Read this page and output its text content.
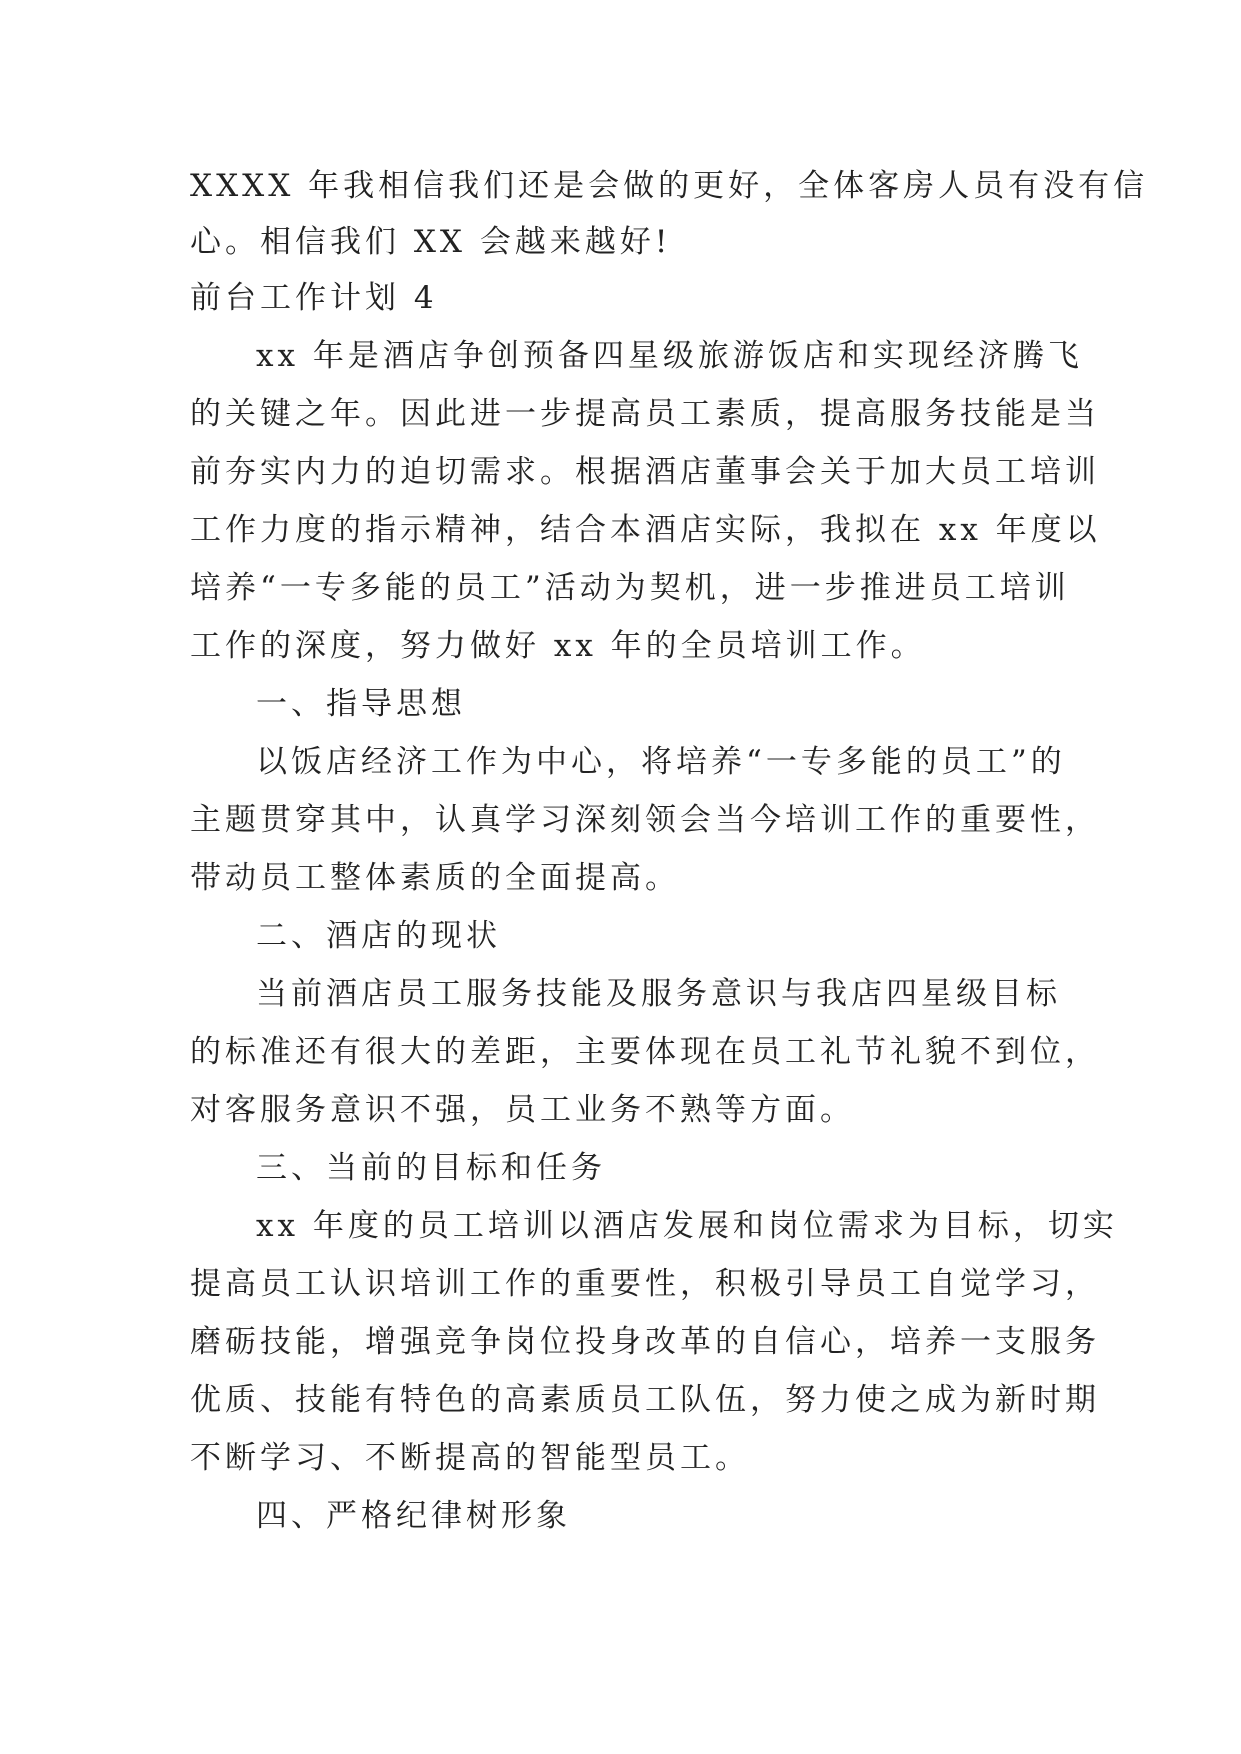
XXXX 年我相信我们还是会做的更好，全体客房人员有没有信
心。相信我们 XX 会越来越好!
前台工作计划 4
xx 年是酒店争创预备四星级旅游饭店和实现经济腾飞
的关键之年。因此进一步提高员工素质，提高服务技能是当
前夯实内力的迫切需求。根据酒店董事会关于加大员工培训
工作力度的指示精神，结合本酒店实际，我拟在 xx 年度以
培养“一专多能的员工”活动为契机，进一步推进员工培训
工作的深度，努力做好 xx 年的全员培训工作。
一、指导思想
以饭店经济工作为中心，将培养“一专多能的员工”的
主题贯穿其中，认真学习深刻领会当今培训工作的重要性，
带动员工整体素质的全面提高。
二、酒店的现状
当前酒店员工服务技能及服务意识与我店四星级目标
的标准还有很大的差距，主要体现在员工礼节礼貌不到位，
对客服务意识不强，员工业务不熟等方面。
三、当前的目标和任务
xx 年度的员工培训以酒店发展和岗位需求为目标，切实
提高员工认识培训工作的重要性，积极引导员工自觉学习，
磨砺技能，增强竞争岗位投身改革的自信心，培养一支服务
优质、技能有特色的高素质员工队伍，努力使之成为新时期
不断学习、不断提高的智能型员工。
四、严格纪律树形象
